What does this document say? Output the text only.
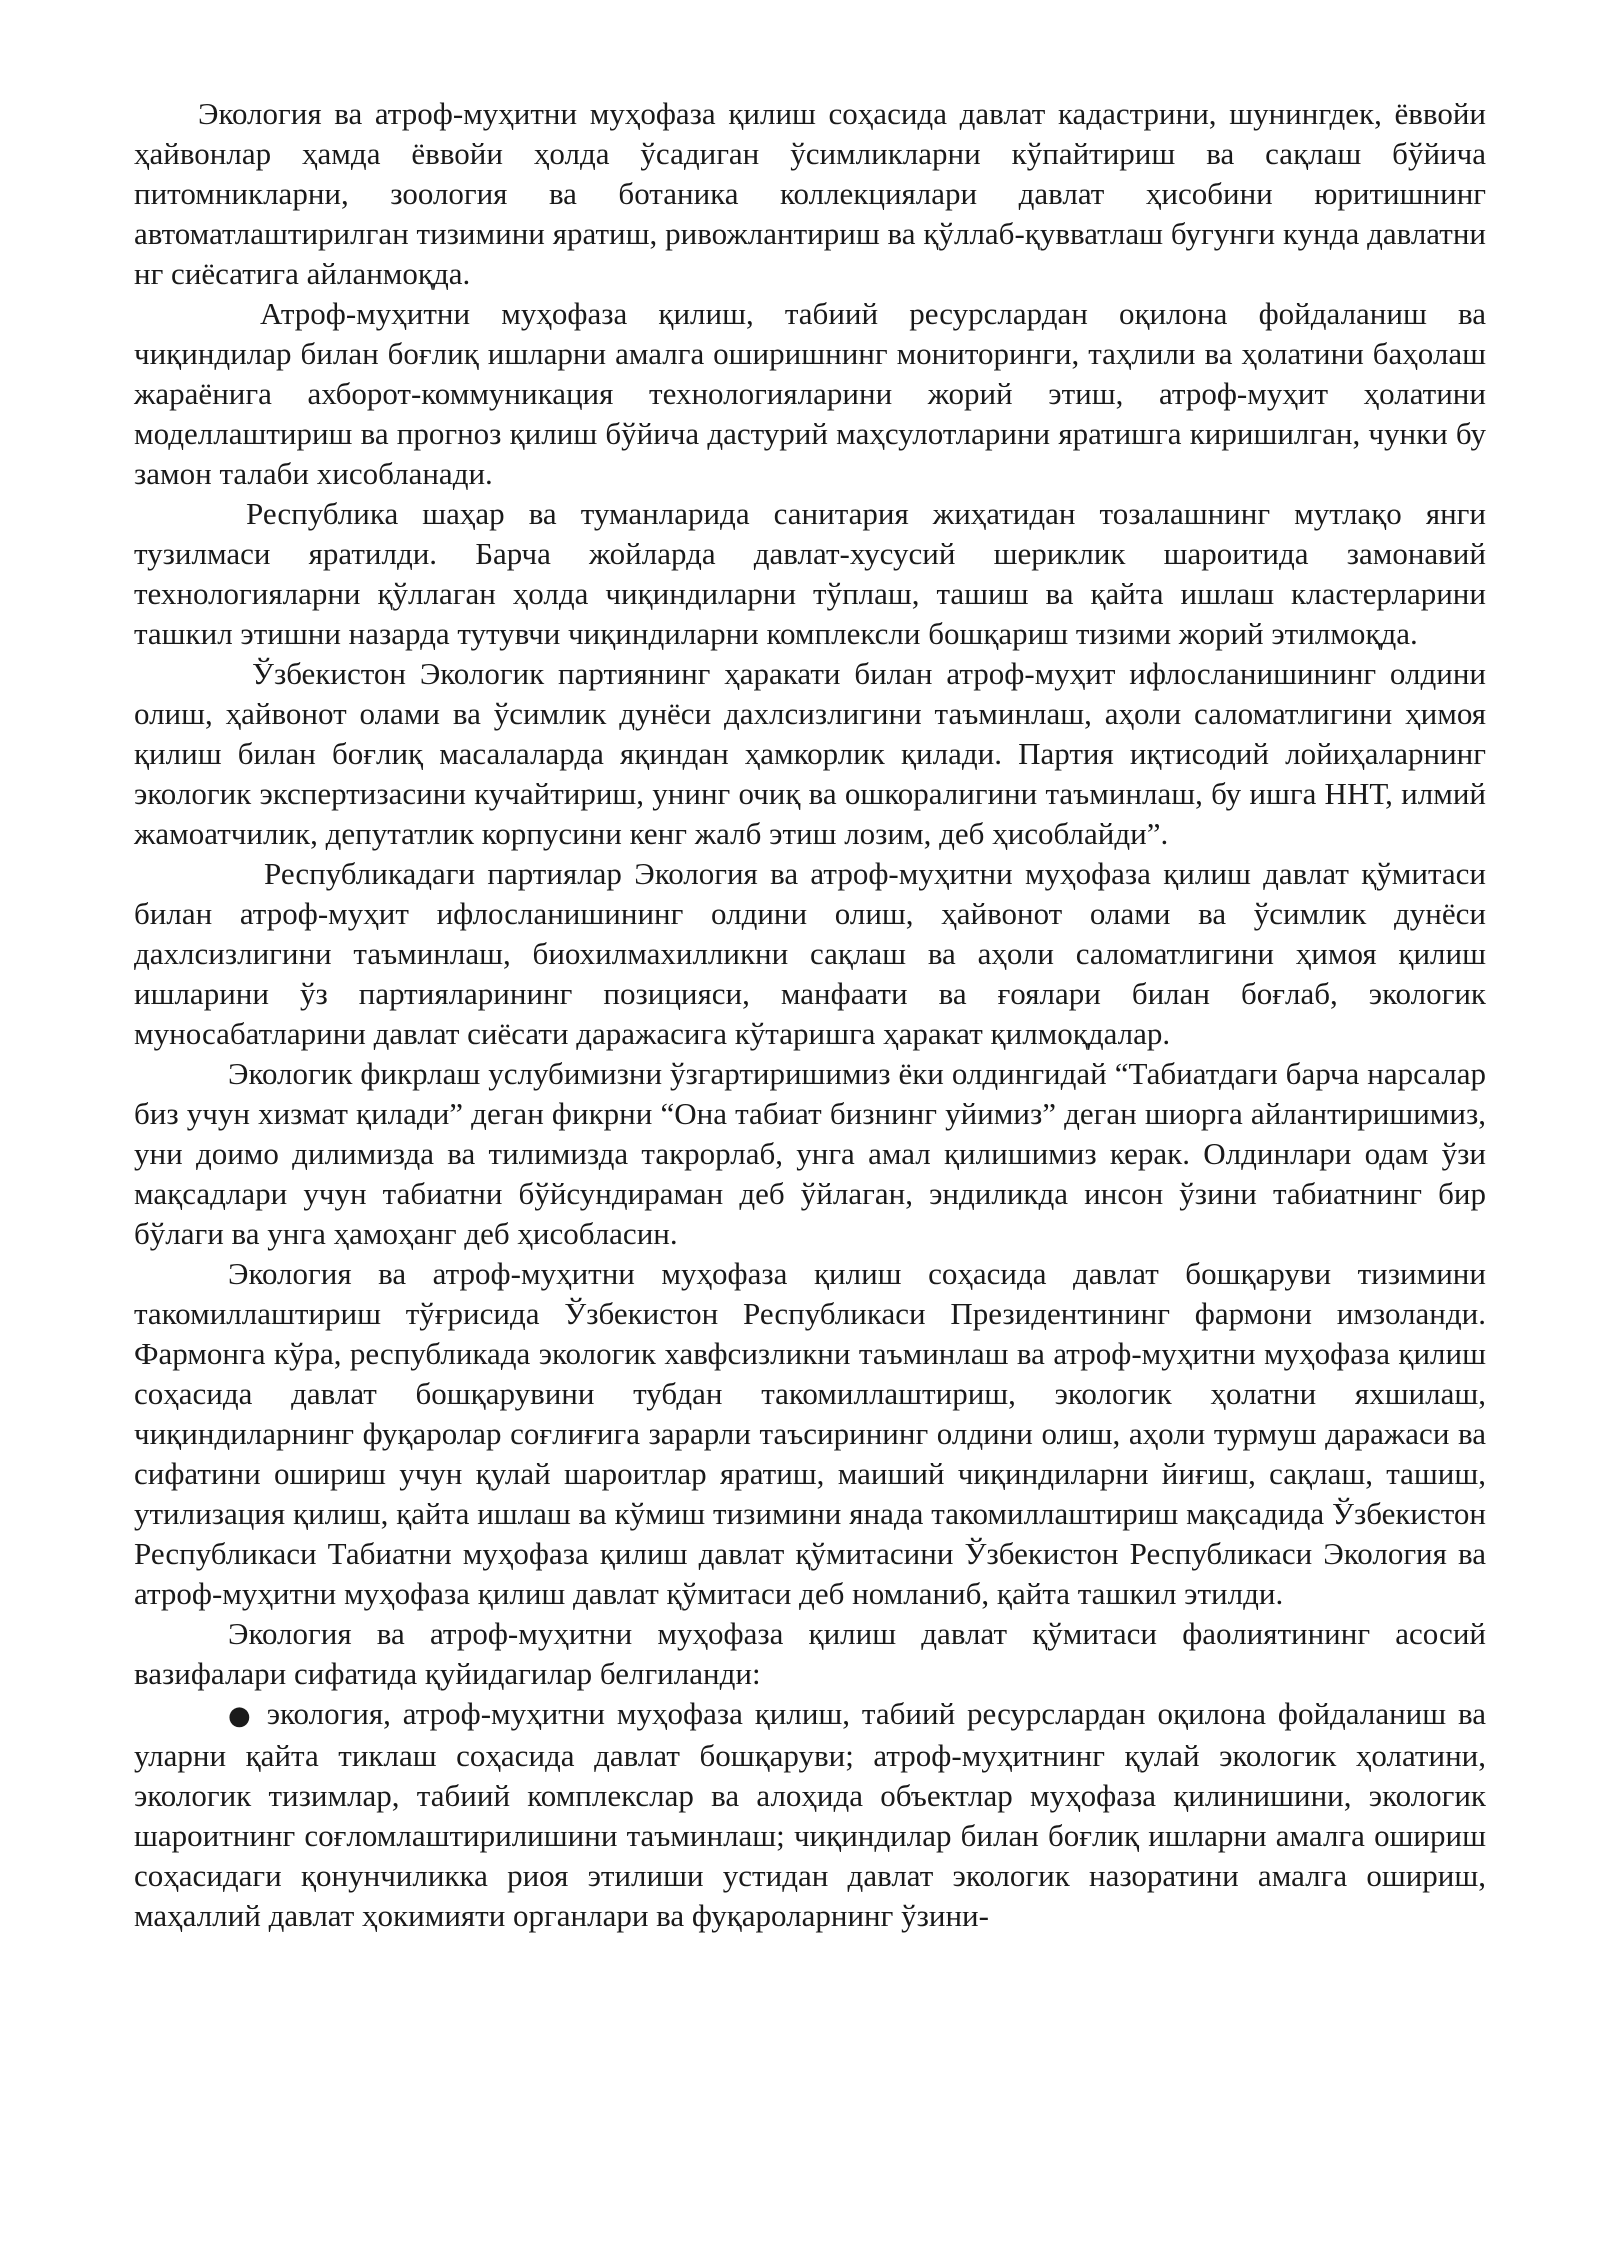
Экология ва атроф-муҳитни муҳофаза қилиш соҳасида давлат кадастрини, шунингдек, ёввойи ҳайвонлар ҳамда ёввойи ҳолда ўсадиган ўсимликларни кўпайтириш ва сақлаш бўйича питомникларни, зоология ва ботаника коллекциялари давлат ҳисобини юритишнинг автоматлаштирилган тизимини яратиш, ривожлантириш ва қўллаб-қувватлаш бугунги кунда давлатни нг сиёсатига айланмоқда.

Атроф-муҳитни муҳофаза қилиш, табиий ресурслардан оқилона фойдаланиш ва чиқиндилар билан боғлиқ ишларни амалга оширишнинг мониторинги, таҳлили ва ҳолатини баҳолаш жараёнига ахборот-коммуникация технологияларини жорий этиш, атроф-муҳит ҳолатини моделлаштириш ва прогноз қилиш бўйича дастурий маҳсулотларини яратишга киришилган, чунки бу замон талаби хисобланади.

Республика шаҳар ва туманларида санитария жиҳатидан тозалашнинг мутлақо янги тузилмаси яратилди. Барча жойларда давлат-хусусий шериклик шароитида замонавий технологияларни қўллаган ҳолда чиқиндиларни тўплаш, ташиш ва қайта ишлаш кластерларини ташкил этишни назарда тутувчи чиқиндиларни комплексли бошқариш тизими жорий этилмоқда.

Ўзбекистон Экологик партиянинг ҳаракати билан атроф-муҳит ифлосланишининг олдини олиш, ҳайвонот олами ва ўсимлик дунёси дахлсизлигини таъминлаш, аҳоли саломатлигини ҳимоя қилиш билан боғлиқ масалаларда яқиндан ҳамкорлик қилади. Партия иқтисодий лойиҳаларнинг экологик экспертизасини кучайтириш, унинг очиқ ва ошкоралигини таъминлаш, бу ишга ННТ, илмий жамоатчилик, депутатлик корпусини кенг жалб этиш лозим, деб ҳисоблайди”.

Республикадаги партиялар Экология ва атроф-муҳитни муҳофаза қилиш давлат қўмитаси билан атроф-муҳит ифлосланишининг олдини олиш, ҳайвонот олами ва ўсимлик дунёси дахлсизлигини таъминлаш, биохилмахилликни сақлаш ва аҳоли саломатлигини ҳимоя қилиш ишларини ўз партияларининг позицияси, манфаати ва ғоялари билан боғлаб, экологик муносабатларини давлат сиёсати даражасига кўтаришга ҳаракат қилмоқдалар.

Экологик фикрлаш услубимизни ўзгартиришимиз ёки олдингидай “Табиатдаги барча нарсалар биз учун хизмат қилади” деган фикрни “Она табиат бизнинг уйимиз” деган шиорга айлантиришимиз, уни доимо дилимизда ва тилимизда такрорлаб, унга амал қилишимиз керак. Олдинлари одам ўзи мақсадлари учун табиатни бўйсундираман деб ўйлаган, эндиликда инсон ўзини табиатнинг бир бўлаги ва унга ҳамоҳанг деб ҳисобласин.

Экология ва атроф-муҳитни муҳофаза қилиш соҳасида давлат бошқаруви тизимини такомиллаштириш тўғрисида Ўзбекистон Республикаси Президентининг фармони имзоланди. Фармонга кўра, республикада экологик хавфсизликни таъминлаш ва атроф-муҳитни муҳофаза қилиш соҳасида давлат бошқарувини тубдан такомиллаштириш, экологик ҳолатни яхшилаш, чиқиндиларнинг фуқаролар соғлиғига зарарли таъсирининг олдини олиш, аҳоли турмуш даражаси ва сифатини ошириш учун қулай шароитлар яратиш, маиший чиқиндиларни йиғиш, сақлаш, ташиш, утилизация қилиш, қайта ишлаш ва кўмиш тизимини янада такомиллаштириш мақсадида Ўзбекистон Республикаси Табиатни муҳофаза қилиш давлат қўмитасини Ўзбекистон Республикаси Экология ва атроф-муҳитни муҳофаза қилиш давлат қўмитаси деб номланиб, қайта ташкил этилди.

Экология ва атроф-муҳитни муҳофаза қилиш давлат қўмитаси фаолиятининг асосий вазифалари сифатида қуйидагилар белгиланди:

● экология, атроф-муҳитни муҳофаза қилиш, табиий ресурслардан оқилона фойдаланиш ва уларни қайта тиклаш соҳасида давлат бошқаруви; атроф-муҳитнинг қулай экологик ҳолатини, экологик тизимлар, табиий комплекслар ва алоҳида объектлар муҳофаза қилинишини, экологик шароитнинг соғломлаштирилишини таъминлаш; чиқиндилар билан боғлиқ ишларни амалга ошириш соҳасидаги қонунчиликка риоя этилиши устидан давлат экологик назоратини амалга ошириш, маҳаллий давлат ҳокимияти органлари ва фуқароларнинг ўзини-
